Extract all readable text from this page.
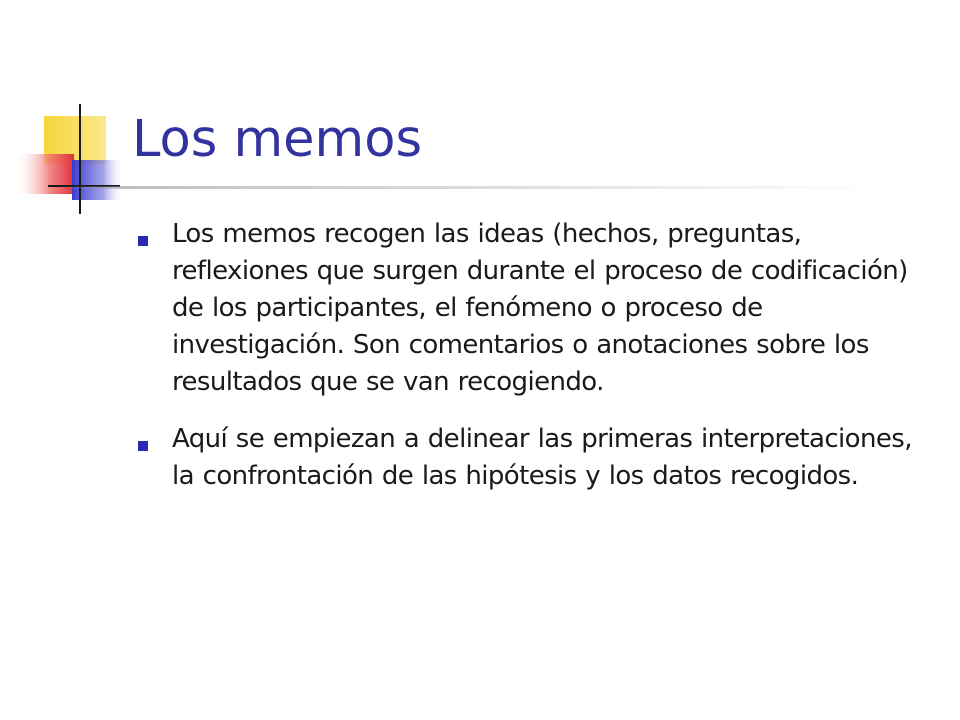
Los memos
Los memos recogen las ideas (hechos, preguntas, reflexiones que surgen durante el proceso de codificación) de los participantes, el fenómeno o proceso de investigación. Son comentarios o anotaciones sobre los resultados que se van recogiendo.
Aquí se empiezan a delinear las primeras interpretaciones, la confrontación de las hipótesis y los datos recogidos.
